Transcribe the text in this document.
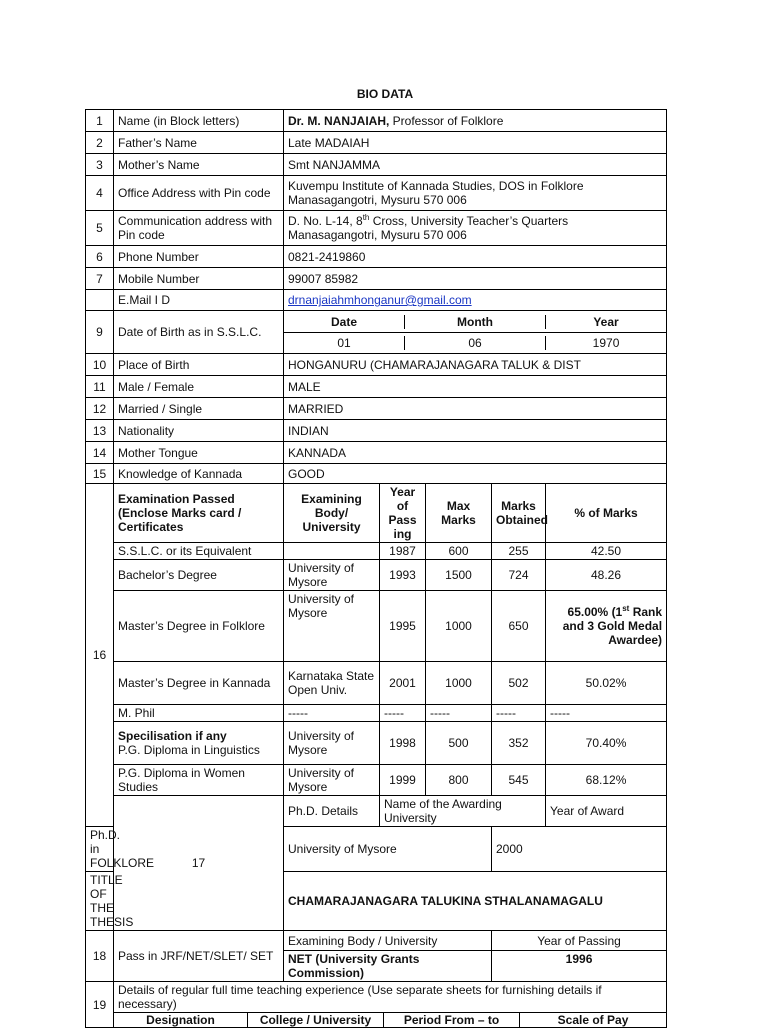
BIO DATA
1	Name (in Block letters)	Dr. M. NANJAIAH, Professor of Folklore
2	Father’s Name	Late MADAIAH
3	Mother’s Name	Smt NANJAMMA
4	Office Address with Pin code	Kuvempu Institute of Kannada Studies, DOS in Folklore
Manasagangotri, Mysuru 570 006
5	Communication address with Pin code	D. No. L-14, 8th Cross, University Teacher’s Quarters
Manasagangotri, Mysuru 570 006
6	Phone Number	0821-2419860
7	Mobile Number	99007 85982
	E.Mail I D	drnanjaiahmhonganur@gmail.com
9	Date of Birth as in S.S.L.C.	
Date	Month	Year

01	06	1970

10	Place of Birth	HONGANURU (CHAMARAJANAGARA TALUK & DIST
11	Male / Female	MALE
12	Married / Single	MARRIED
13	Nationality	INDIAN
14	Mother Tongue	KANNADA
15	Knowledge of Kannada	GOOD
16	Examination Passed (Enclose Marks card / Certificates	Examining Body/ University	Year of Pass ing	Max Marks	Marks Obtained	% of Marks
S.S.L.C. or its Equivalent		1987	600	255	42.50
Bachelor’s Degree	University of Mysore	1993	1500	724	48.26
Master’s Degree in Folklore	University of Mysore	1995	1000	650	65.00% (1st Rank and 3 Gold Medal Awardee)
Master’s Degree in Kannada	Karnataka State Open Univ.	2001	1000	502	50.02%
M. Phil	-----	-----	-----	-----	-----
Specilisation if any
P.G. Diploma in Linguistics	University of Mysore	1998	500	352	70.40%
P.G. Diploma in Women Studies	University of Mysore	1999	800	545	68.12%
17	Ph.D. Details	Name of the Awarding University	Year of Award
Ph.D. in FOLKLORE	University of Mysore	2000
TITLE OF THE THESIS	CHAMARAJANAGARA TALUKINA STHALANAMAGALU
18	Pass in JRF/NET/SLET/ SET	Examining Body / University	Year of Passing
NET (University Grants Commission)	1996
19	Details of regular full time teaching experience (Use separate sheets for furnishing details if necessary)

Designation	College / University	Period From – to	Scale of Pay
